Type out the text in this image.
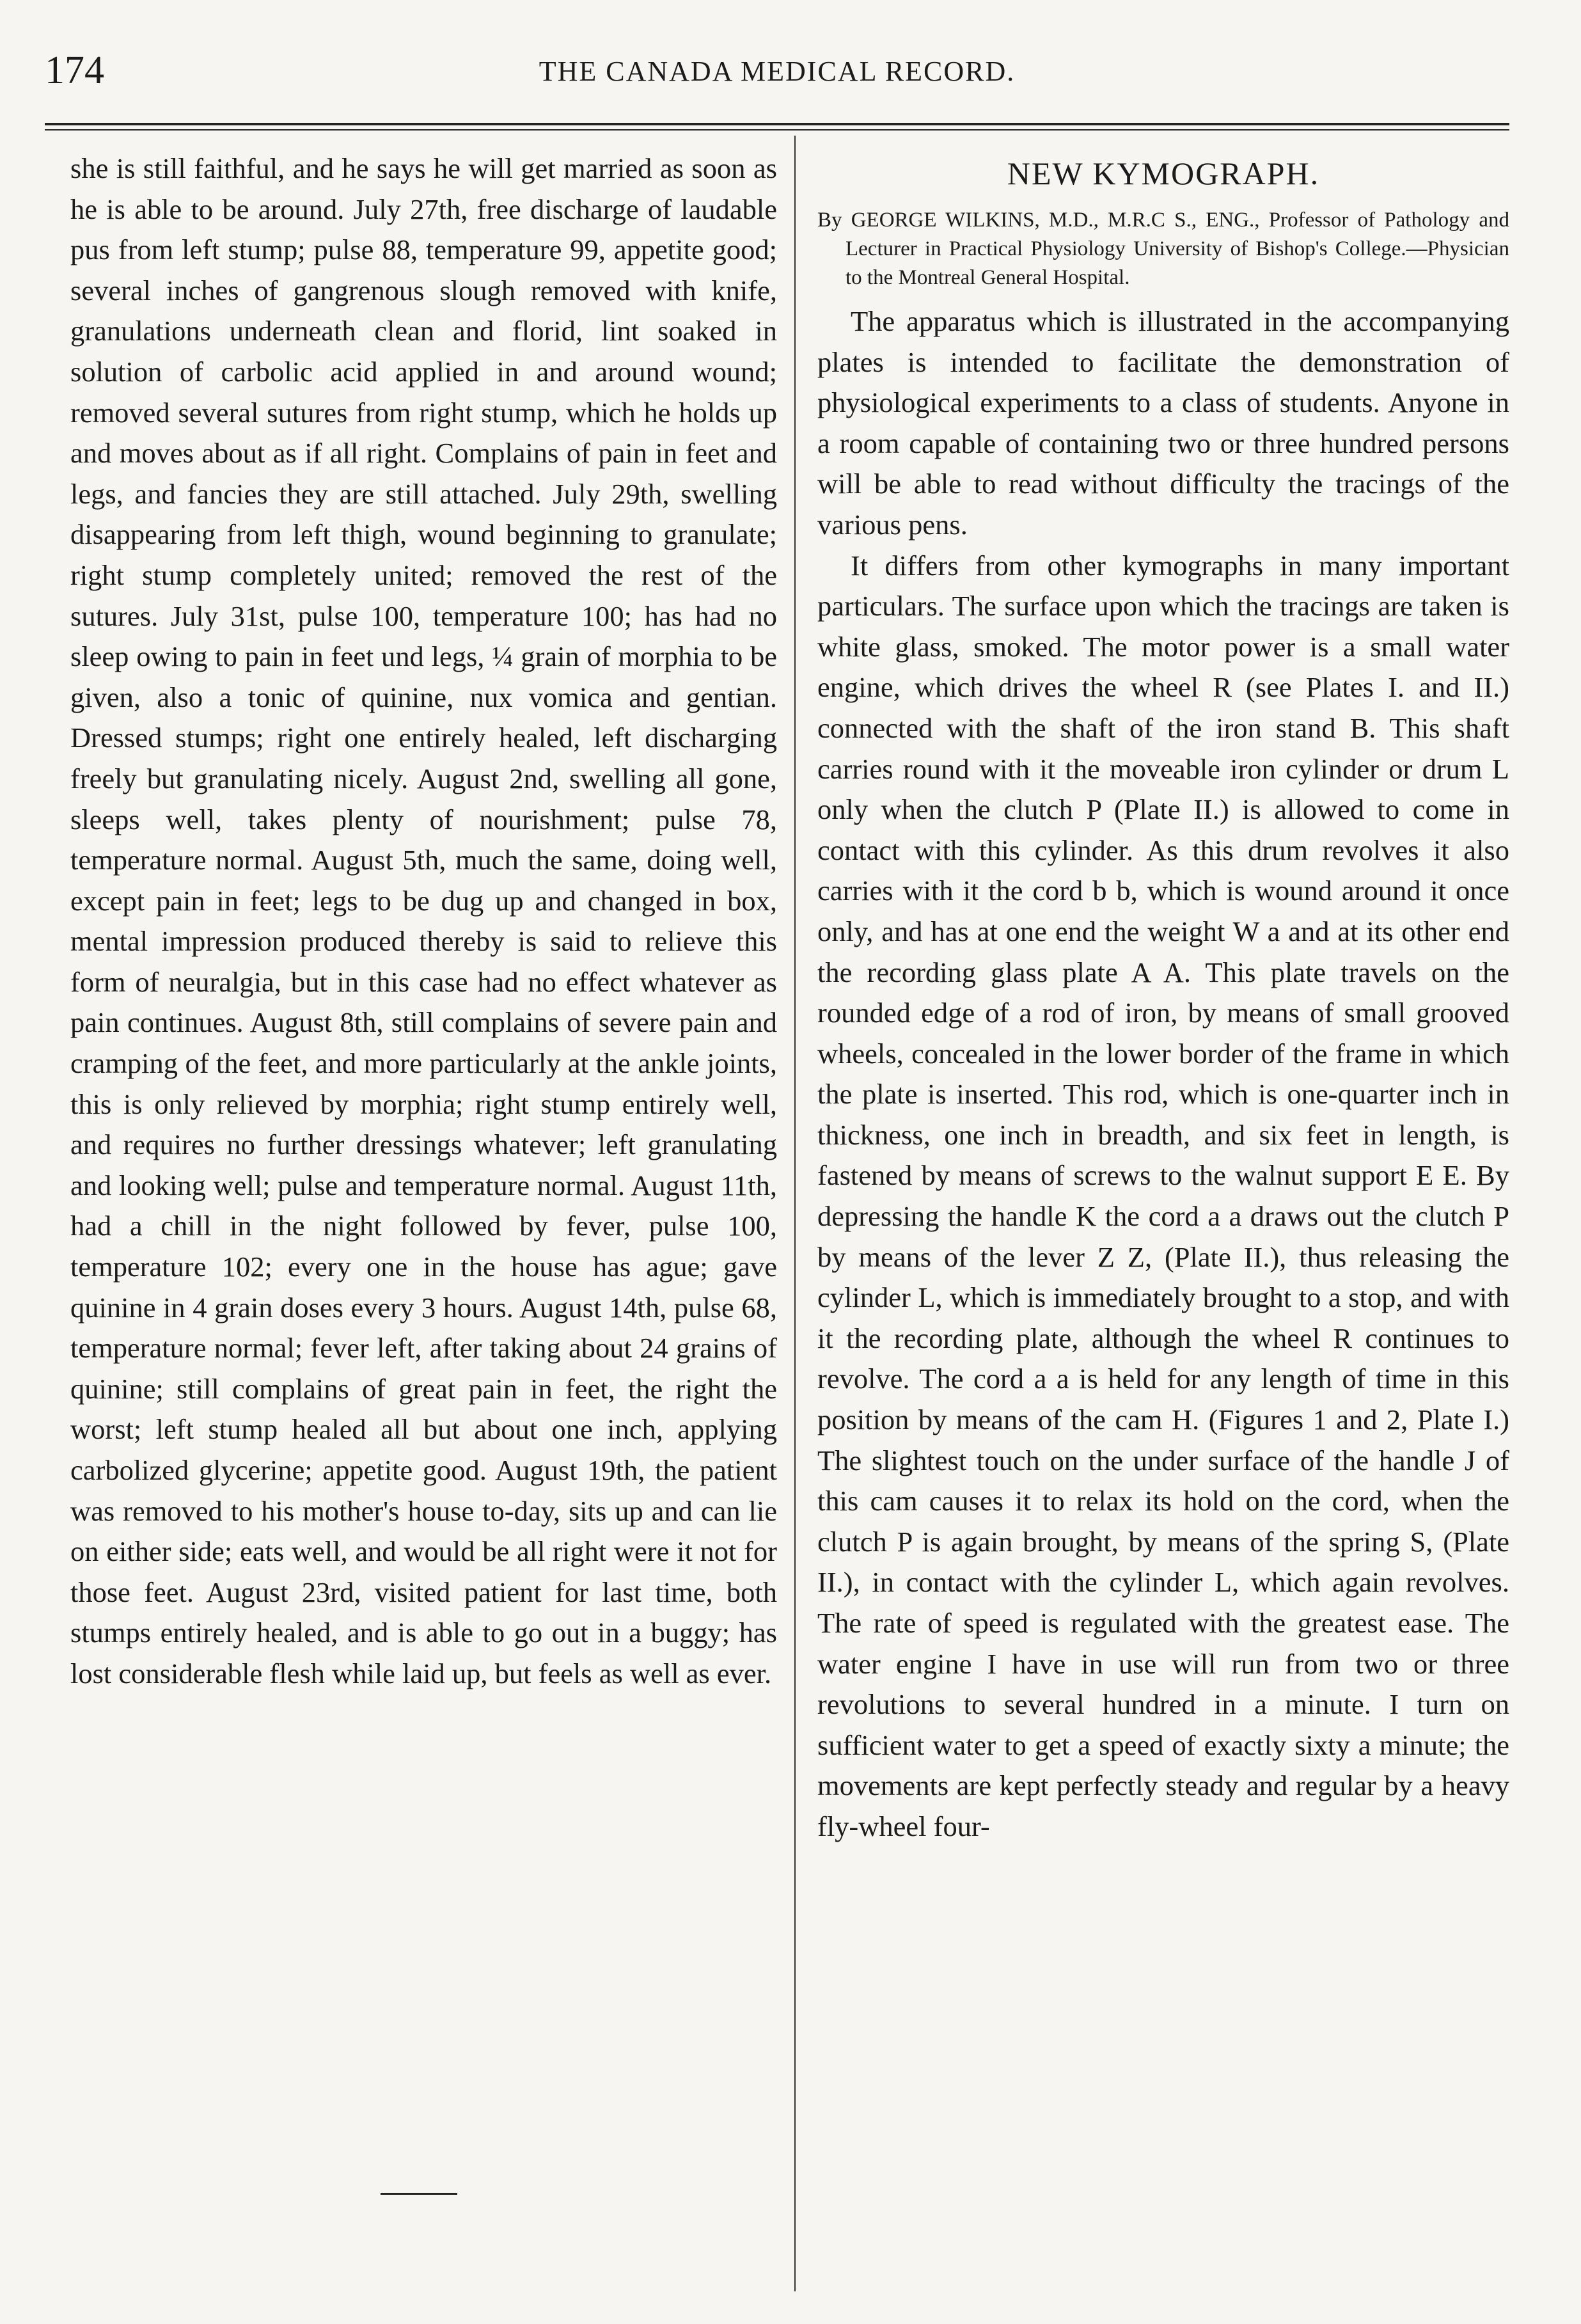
174	THE CANADA MEDICAL RECORD.

she is still faithful, and he says he will get married as soon as he is able to be around. July 27th, free discharge of laudable pus from left stump; pulse 88, temperature 99, appetite good; several inches of gangrenous slough removed with knife, granulations underneath clean and florid, lint soaked in solution of carbolic acid applied in and around wound; removed several sutures from right stump, which he holds up and moves about as if all right. Complains of pain in feet and legs, and fancies they are still attached. July 29th, swelling disappearing from left thigh, wound beginning to granulate; right stump completely united; removed the rest of the sutures. July 31st, pulse 100, temperature 100; has had no sleep owing to pain in feet und legs, ¼ grain of morphia to be given, also a tonic of quinine, nux vomica and gentian. Dressed stumps; right one entirely healed, left discharging freely but granulating nicely. August 2nd, swelling all gone, sleeps well, takes plenty of nourishment; pulse 78, temperature normal. August 5th, much the same, doing well, except pain in feet; legs to be dug up and changed in box, mental impression produced thereby is said to relieve this form of neuralgia, but in this case had no effect whatever as pain continues. August 8th, still complains of severe pain and cramping of the feet, and more particularly at the ankle joints, this is only relieved by morphia; right stump entirely well, and requires no further dressings whatever; left granulating and looking well; pulse and temperature normal. August 11th, had a chill in the night followed by fever, pulse 100, temperature 102; every one in the house has ague; gave quinine in 4 grain doses every 3 hours. August 14th, pulse 68, temperature normal; fever left, after taking about 24 grains of quinine; still complains of great pain in feet, the right the worst; left stump healed all but about one inch, applying carbolized glycerine; appetite good. August 19th, the patient was removed to his mother's house to-day, sits up and can lie on either side; eats well, and would be all right were it not for those feet. August 23rd, visited patient for last time, both stumps entirely healed, and is able to go out in a buggy; has lost considerable flesh while laid up, but feels as well as ever.

NEW KYMOGRAPH.
By GEORGE WILKINS, M.D., M.R.C S., ENG., Professor of Pathology and Lecturer in Practical Physiology University of Bishop's College.—Physician to the Montreal General Hospital.

The apparatus which is illustrated in the accompanying plates is intended to facilitate the demonstration of physiological experiments to a class of students. Anyone in a room capable of containing two or three hundred persons will be able to read without difficulty the tracings of the various pens.

It differs from other kymographs in many important particulars. The surface upon which the tracings are taken is white glass, smoked. The motor power is a small water engine, which drives the wheel R (see Plates I. and II.) connected with the shaft of the iron stand B. This shaft carries round with it the moveable iron cylinder or drum L only when the clutch P (Plate II.) is allowed to come in contact with this cylinder. As this drum revolves it also carries with it the cord b b, which is wound around it once only, and has at one end the weight W a and at its other end the recording glass plate A A. This plate travels on the rounded edge of a rod of iron, by means of small grooved wheels, concealed in the lower border of the frame in which the plate is inserted. This rod, which is one-quarter inch in thickness, one inch in breadth, and six feet in length, is fastened by means of screws to the walnut support E E. By depressing the handle K the cord a a draws out the clutch P by means of the lever Z Z, (Plate II.), thus releasing the cylinder L, which is immediately brought to a stop, and with it the recording plate, although the wheel R continues to revolve. The cord a a is held for any length of time in this position by means of the cam H. (Figures 1 and 2, Plate I.) The slightest touch on the under surface of the handle J of this cam causes it to relax its hold on the cord, when the clutch P is again brought, by means of the spring S, (Plate II.), in contact with the cylinder L, which again revolves. The rate of speed is regulated with the greatest ease. The water engine I have in use will run from two or three revolutions to several hundred in a minute. I turn on sufficient water to get a speed of exactly sixty a minute; the movements are kept perfectly steady and regular by a heavy fly-wheel four-
